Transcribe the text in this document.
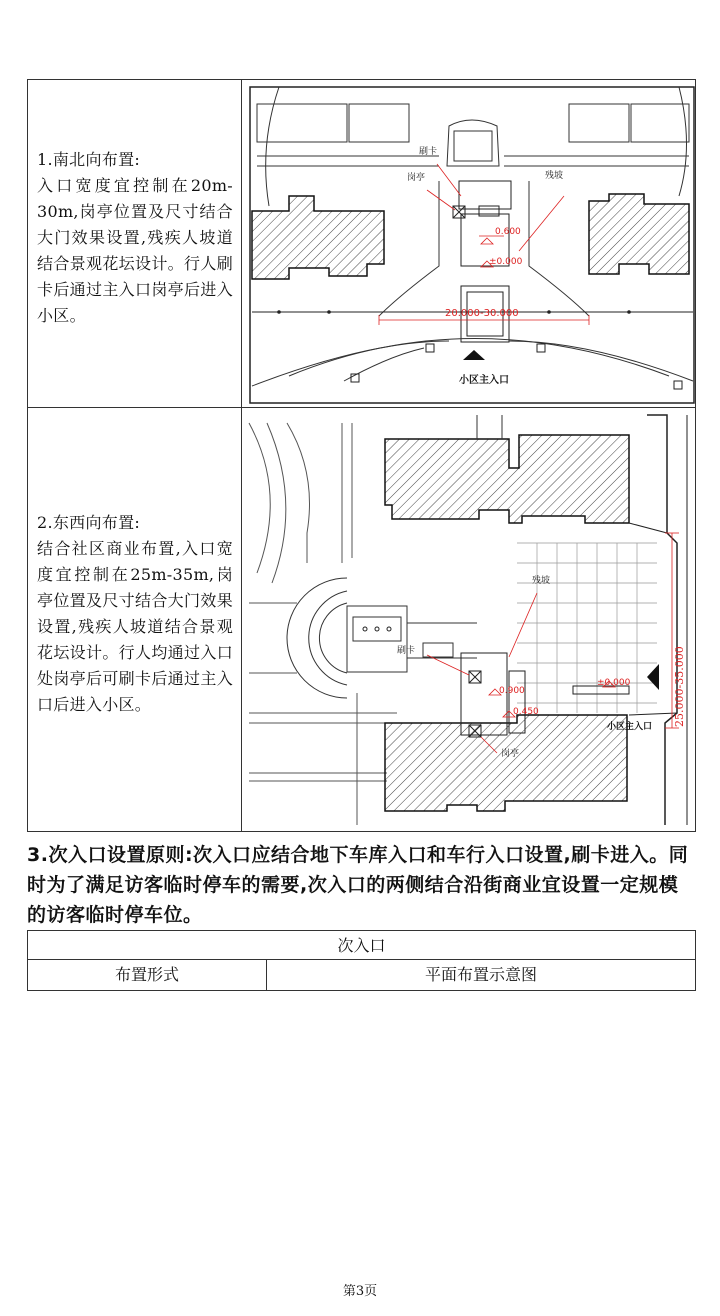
1.南北向布置:
入口宽度宜控制在20m-30m,岗亭位置及尺寸结合大门效果设置,残疾人坡道结合景观花坛设计。行人刷卡后通过主入口岗亭后进入小区。
刷卡
岗亭	残坡
0.600
±0.000
20.000-30.000
小区主入口
2.东西向布置:
结合社区商业布置,入口宽度宜控制在25m-35m,岗亭位置及尺寸结合大门效果设置,残疾人坡道结合景观花坛设计。行人均通过入口处岗亭后可刷卡后通过主入口后进入小区。
刷卡
残坡
0.900
0.450
±0.000
岗亭
小区主入口 25.000-35.000
3.次入口设置原则:次入口应结合地下车库入口和车行入口设置,刷卡进入。同时为了满足访客临时停车的需要,次入口的两侧结合沿街商业宜设置一定规模的访客临时停车位。
次入口
布置形式	平面布置示意图
第3页
